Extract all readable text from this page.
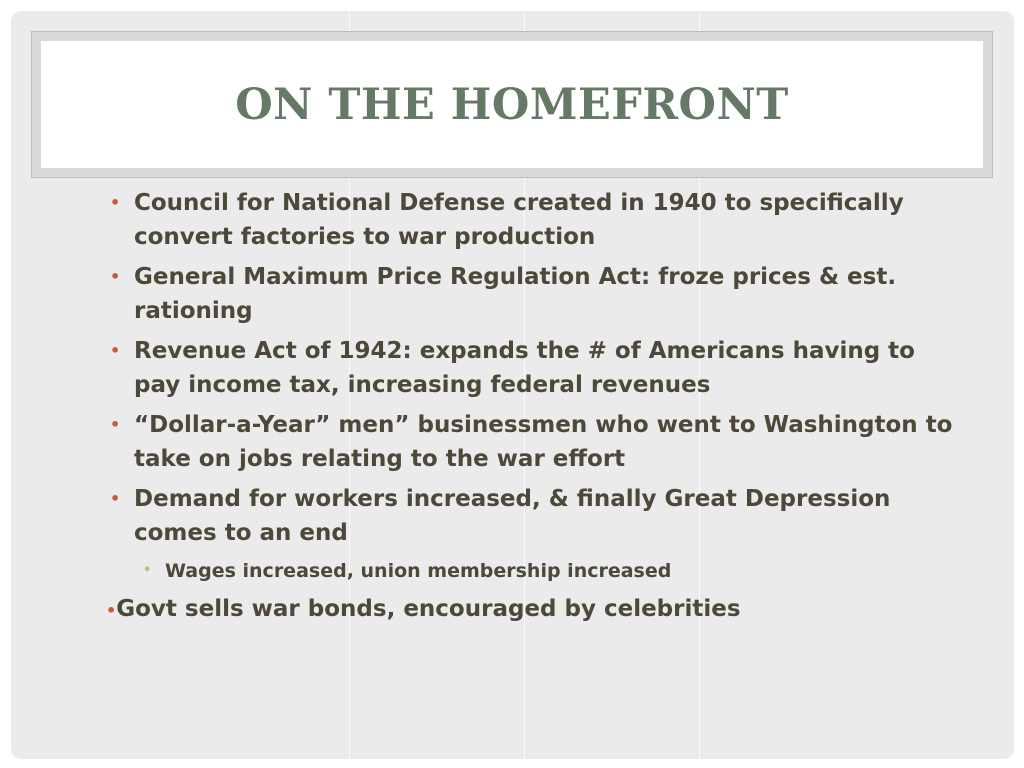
ON THE HOMEFRONT
• Council for National Defense created in 1940 to specifically convert factories to war production
• General Maximum Price Regulation Act: froze prices & est. rationing
• Revenue Act of 1942: expands the # of Americans having to pay income tax, increasing federal revenues
• “Dollar-a-Year” men” businessmen who went to Washington to take on jobs relating to the war effort
• Demand for workers increased, & finally Great Depression comes to an end
• Wages increased, union membership increased
•Govt sells war bonds, encouraged by celebrities
